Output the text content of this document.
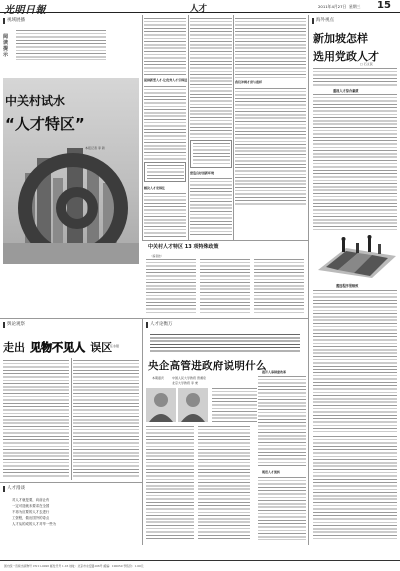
光明日報	人才	2011年4月27日 星期三 15
视域展播
阅读提示
中关村试水
“人才特区”
本报记者 李 新
提供新型人才·让优秀人才引得进
解决人才安得住
营造良好创新环境
我们冲刺才育与底样
中关村人才特区 13 项特殊政策
（编者按）
海外视点
新加坡怎样
选用党政人才
□ 石义民
重视人才综合素质
遴选程序很细致
舆论观察
走出 见物不见人 误区
任永强
人才漫谈
对人才就是要，向前让有
一定可造就未要求在全国
不再为应要的人才去进行
工资程，做出国外的奇点
人才从的成的人才对华一些为
人才论衡万
央企高管进政府说明什么
本期嘉宾	中国人民大学教授 曾湘泉
北京大学教授 李 秉
推开人事制度改革
规范人才流转
国内统一连续出版物号 CN11-0026 邮发代号 1-16 地址：北京市永安路106号 邮编：100050 零售价：1.00元
